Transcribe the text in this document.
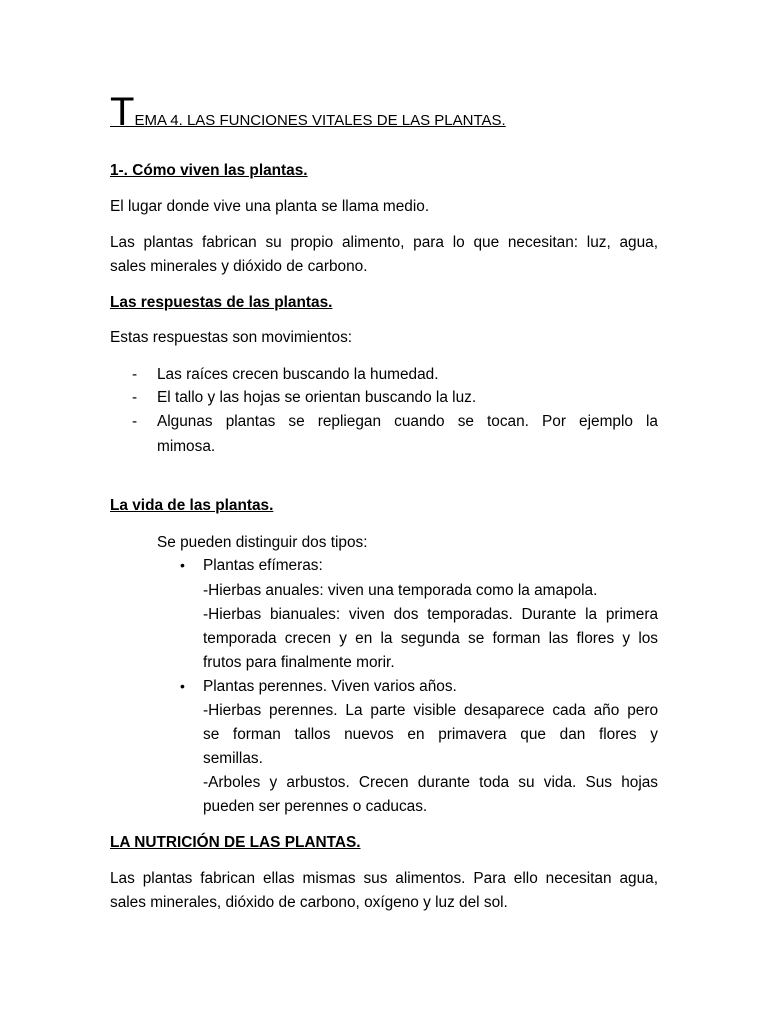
TEMA 4. LAS FUNCIONES VITALES DE LAS PLANTAS.
1-. Cómo viven las plantas.
El lugar donde vive una planta se llama medio.
Las plantas fabrican su propio alimento, para lo que necesitan: luz, agua,
sales minerales y dióxido de carbono.
Las respuestas de las plantas.
Estas respuestas son movimientos:
- Las raíces crecen buscando la humedad.
- El tallo y las hojas se orientan buscando la luz.
- Algunas plantas se repliegan cuando se tocan. Por ejemplo la
mimosa.
La vida de las plantas.
Se pueden distinguir dos tipos:
• Plantas efímeras:
-Hierbas anuales: viven una temporada como la amapola.
-Hierbas bianuales: viven dos temporadas. Durante la primera
temporada crecen y en la segunda se forman las flores y los
frutos para finalmente morir.
• Plantas perennes. Viven varios años.
-Hierbas perennes. La parte visible desaparece cada año pero
se forman tallos nuevos en primavera que dan flores y
semillas.
-Arboles y arbustos. Crecen durante toda su vida. Sus hojas
pueden ser perennes o caducas.
LA NUTRICIÓN DE LAS PLANTAS.
Las plantas fabrican ellas mismas sus alimentos. Para ello necesitan agua,
sales minerales, dióxido de carbono, oxígeno y luz del sol.
